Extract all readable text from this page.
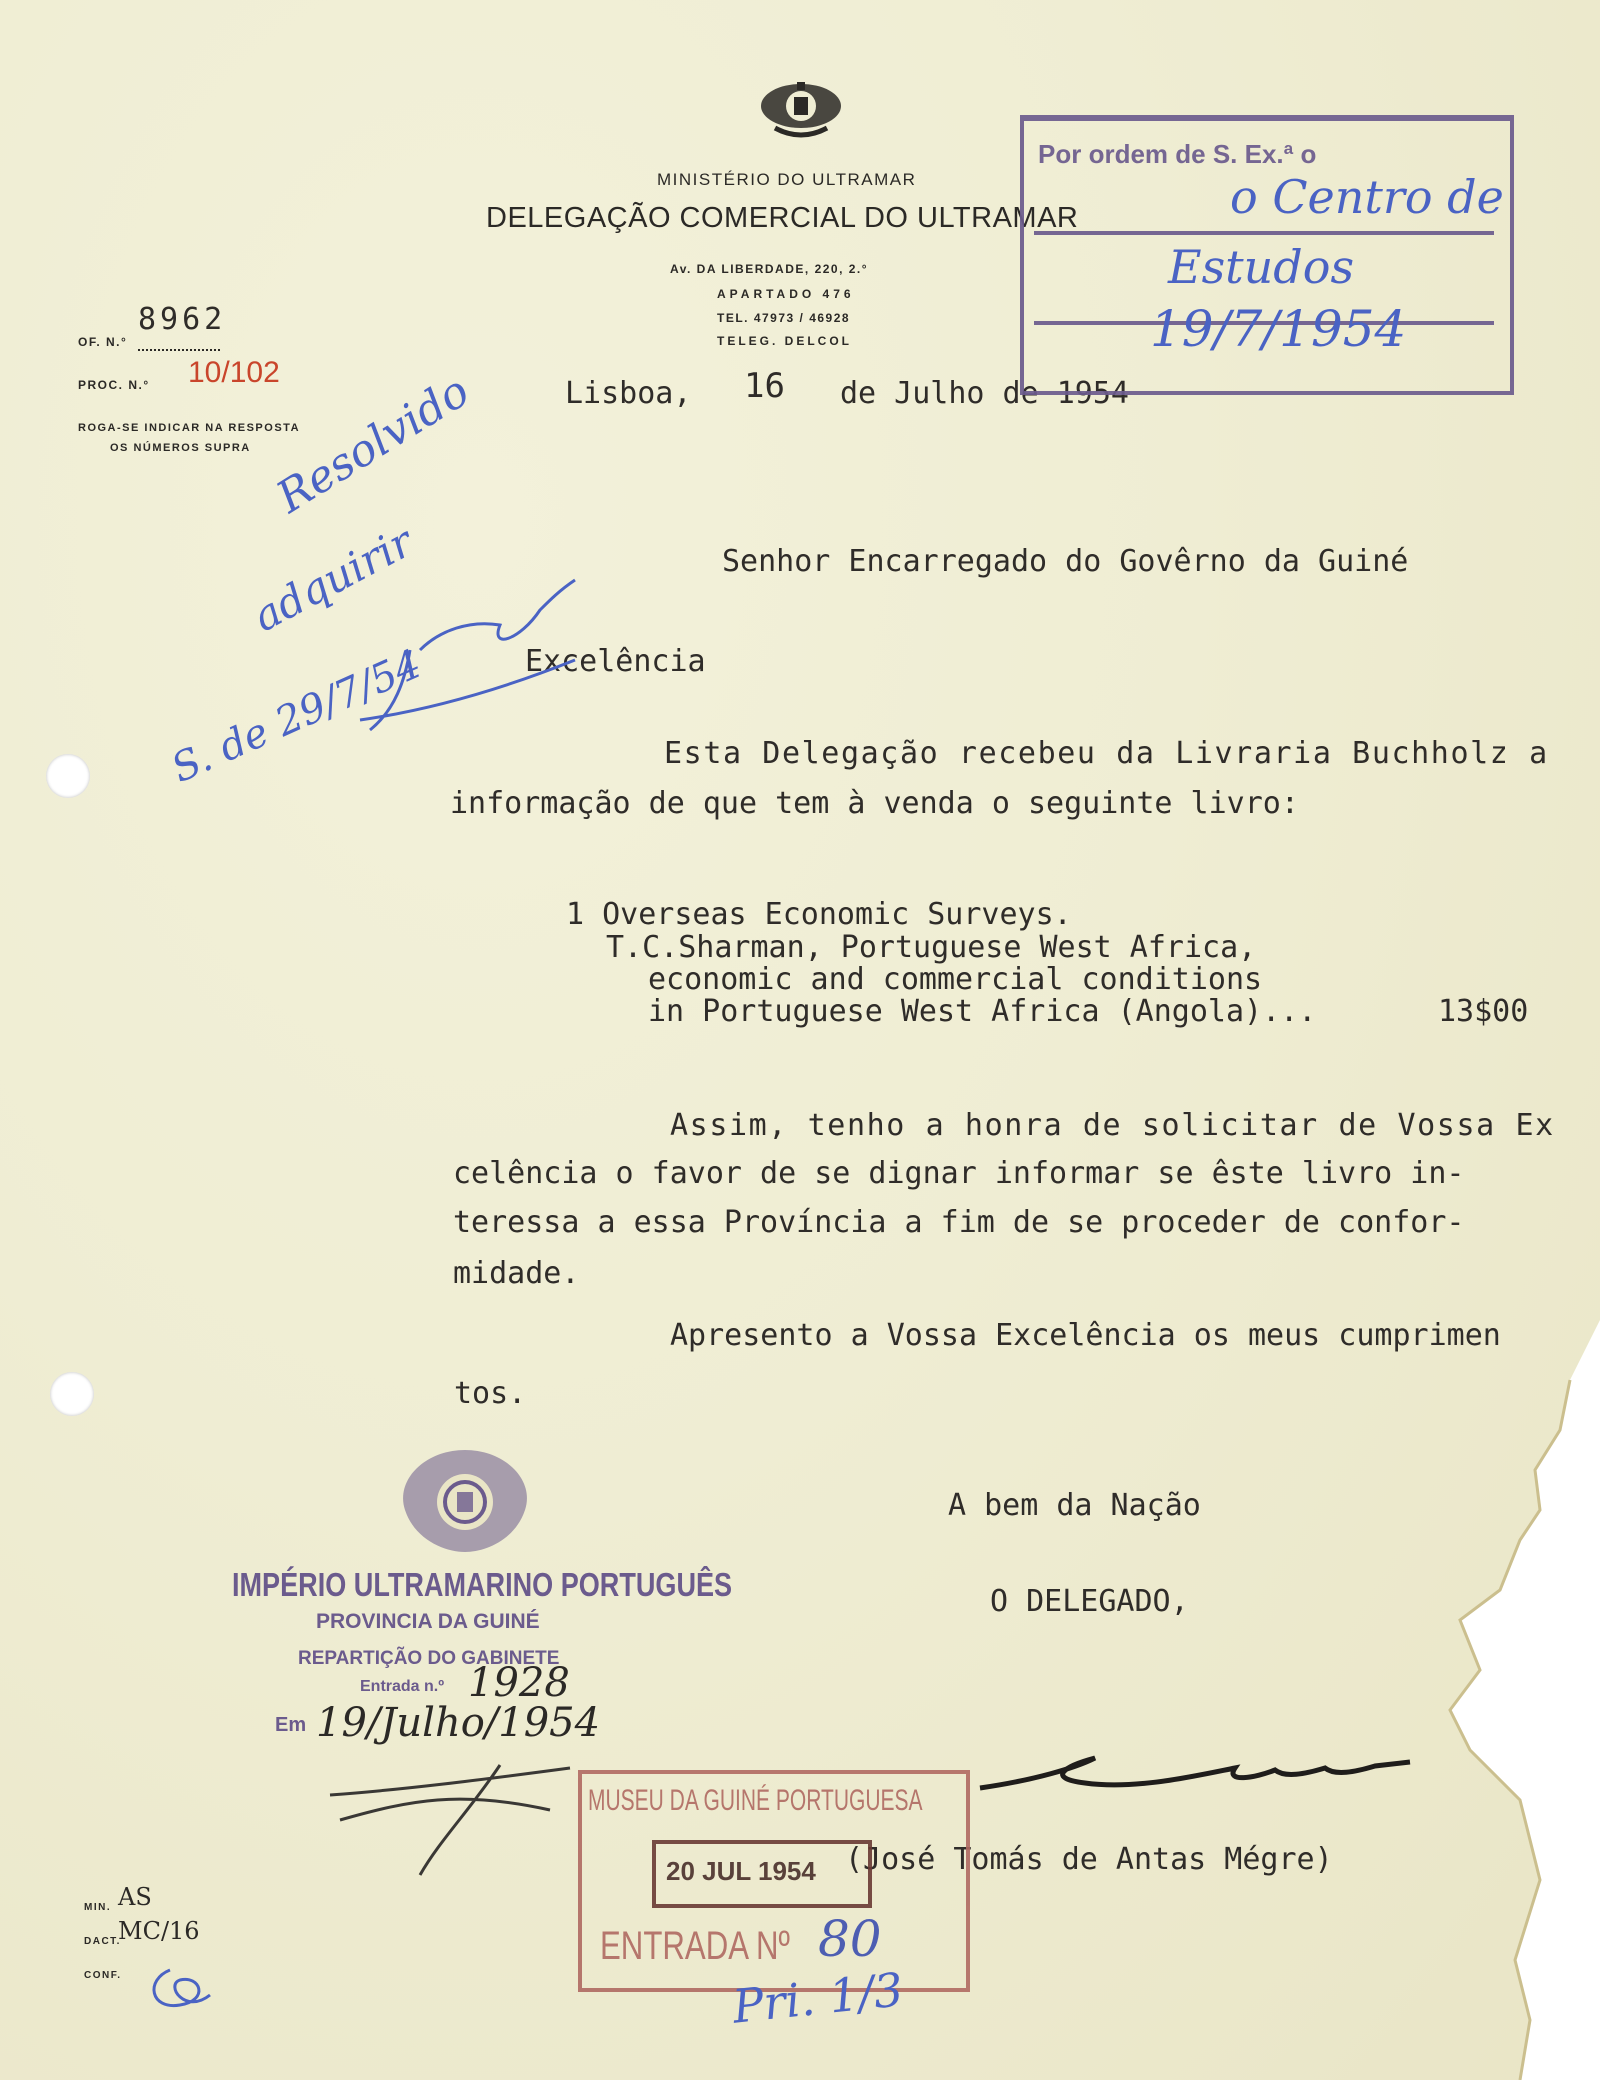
MINISTÉRIO DO ULTRAMAR
DELEGAÇÃO COMERCIAL DO ULTRAMAR
Av. DA LIBERDADE, 220, 2.°
APARTADO 476
TEL. 47973 / 46928
TELEG. DELCOL
OF. N.°
8962
PROC. N.° 10/102
ROGA-SE INDICAR NA RESPOSTA
OS NÚMEROS SUPRA
Lisboa, 16 de Julho de 1954
Senhor Encarregado do Govêrno da Guiné
Excelência
Esta Delegação recebeu da Livraria Buchholz a
informação de que tem à venda o seguinte livro:
1 Overseas Economic Surveys.
T.C.Sharman, Portuguese West Africa,
economic and commercial conditions
in Portuguese West Africa (Angola)...	13$00
Assim, tenho a honra de solicitar de Vossa Ex
celência o favor de se dignar informar se êste livro in-
teressa a essa Província a fim de se proceder de confor-
midade.
Apresento a Vossa Excelência os meus cumprimen
tos.
A bem da Nação
O DELEGADO,
(José Tomás de Antas Mégre)
MIN. AS
DACT.
MC/16
CONF.
Por ordem de S. Ex.ª o
o Centro de
Estudos
19/7/1954
Resolvido
adquirir
S. de 29/7/54
IMPÉRIO ULTRAMARINO PORTUGUÊS
PROVINCIA DA GUINÉ
REPARTIÇÃO DO GABINETE
Entrada n.º 1928
Em 19/Julho/1954
MUSEU DA GUINÉ PORTUGUESA
20 JUL 1954
ENTRADA Nº 80
Pri. 1/3
